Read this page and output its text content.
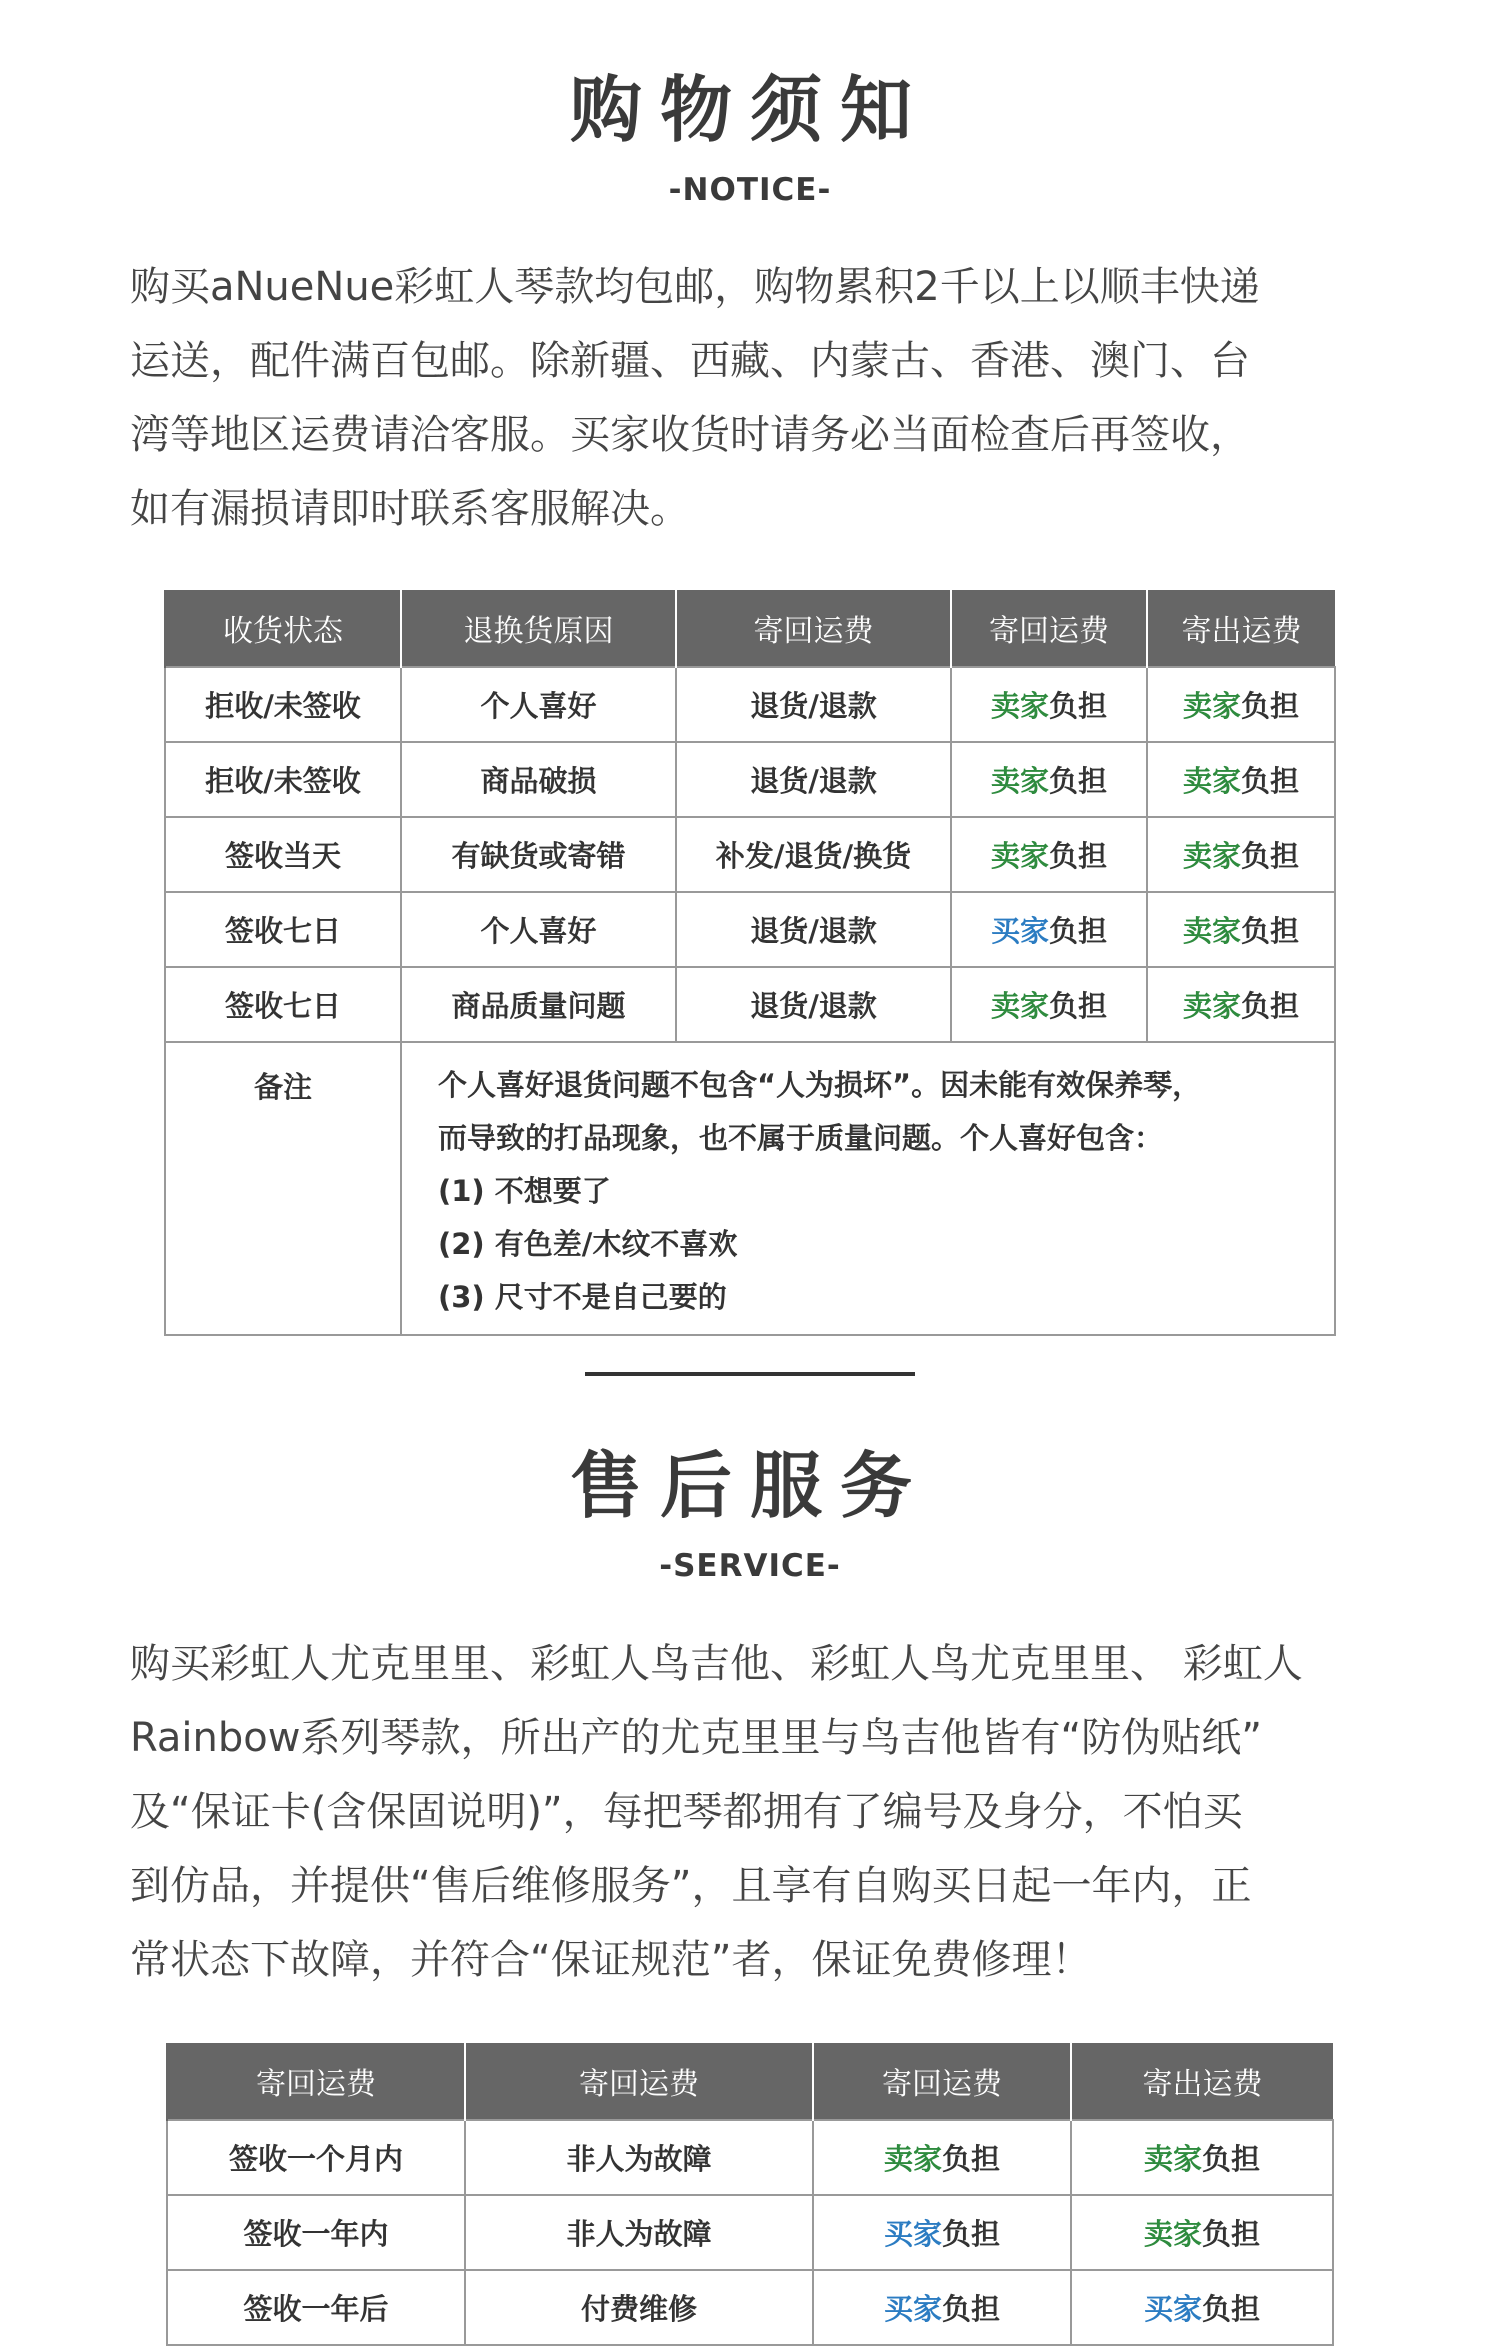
购物须知
-NOTICE-

购买aNueNue彩虹人琴款均包邮，购物累积2千以上以顺丰快递

运送，配件满百包邮。除新疆、西藏、内蒙古、香港、澳门、台

湾等地区运费请洽客服。买家收货时请务必当面检查后再签收，

如有漏损请即时联系客服解决。

收货状态	退换货原因	寄回运费	寄回运费	寄出运费
拒收/未签收	个人喜好	退货/退款	卖家负担	卖家负担
拒收/未签收	商品破损	退货/退款	卖家负担	卖家负担
签收当天	有缺货或寄错	补发/退货/换货	卖家负担	卖家负担
签收七日	个人喜好	退货/退款	买家负担	卖家负担
签收七日	商品质量问题	退货/退款	卖家负担	卖家负担
备注	个人喜好退货问题不包含“人为损坏”。因未能有效保养琴，
而导致的打品现象，也不属于质量问题。个人喜好包含：
(1) 不想要了
(2) 有色差/木纹不喜欢
(3) 尺寸不是自己要的			
售后服务
-SERVICE-

购买彩虹人尤克里里、彩虹人鸟吉他、彩虹人鸟尤克里里、 彩虹人

Rainbow系列琴款，所出产的尤克里里与鸟吉他皆有“防伪贴纸”

及“保证卡(含保固说明)”，每把琴都拥有了编号及身分，不怕买

到仿品，并提供“售后维修服务”，且享有自购买日起一年内，正

常状态下故障，并符合“保证规范”者，保证免费修理！

寄回运费	寄回运费	寄回运费	寄出运费
签收一个月内	非人为故障	卖家负担	卖家负担
签收一年内	非人为故障	买家负担	卖家负担
签收一年后	付费维修	买家负担	买家负担
